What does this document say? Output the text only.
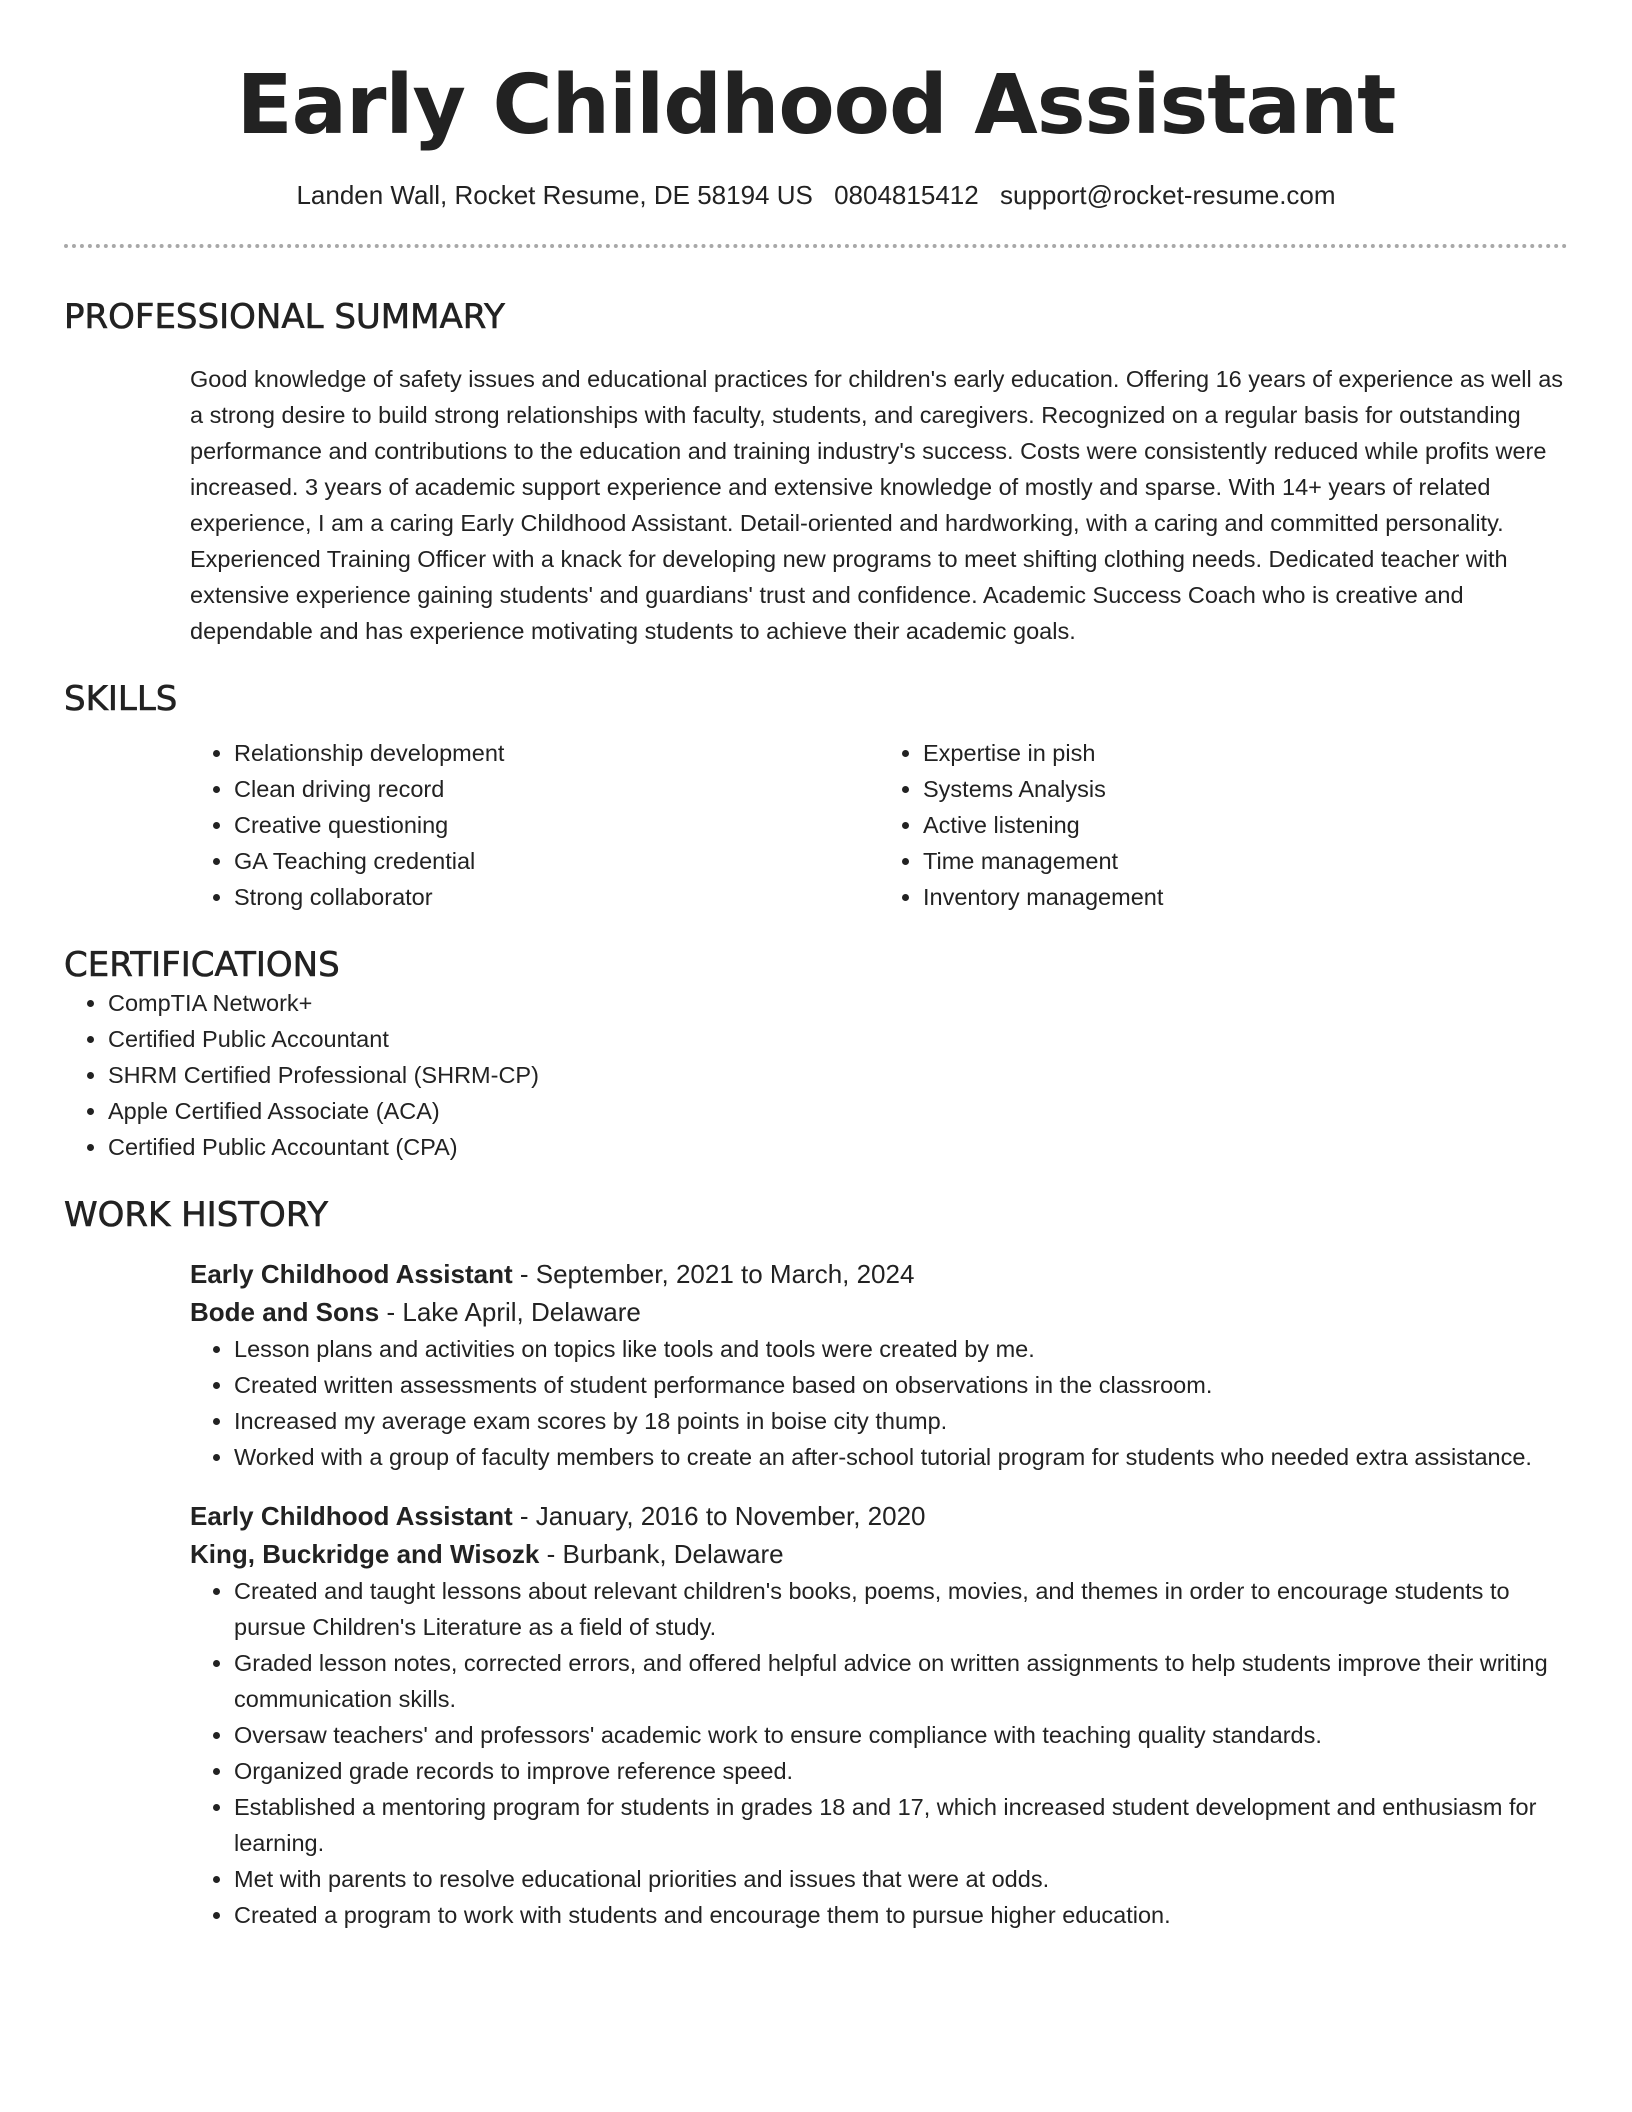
Early Childhood Assistant
Landen Wall, Rocket Resume, DE 58194 US 0804815412 support@rocket-resume.com
PROFESSIONAL SUMMARY
Good knowledge of safety issues and educational practices for children's early education. Offering 16 years of experience as well as a strong desire to build strong relationships with faculty, students, and caregivers. Recognized on a regular basis for outstanding performance and contributions to the education and training industry's success. Costs were consistently reduced while profits were increased. 3 years of academic support experience and extensive knowledge of mostly and sparse. With 14+ years of related experience, I am a caring Early Childhood Assistant. Detail-oriented and hardworking, with a caring and committed personality. Experienced Training Officer with a knack for developing new programs to meet shifting clothing needs. Dedicated teacher with extensive experience gaining students' and guardians' trust and confidence. Academic Success Coach who is creative and dependable and has experience motivating students to achieve their academic goals.
SKILLS
• Relationship development
• Clean driving record
• Creative questioning
• GA Teaching credential
• Strong collaborator
• Expertise in pish
• Systems Analysis
• Active listening
• Time management
• Inventory management
CERTIFICATIONS
• CompTIA Network+
• Certified Public Accountant
• SHRM Certified Professional (SHRM-CP)
• Apple Certified Associate (ACA)
• Certified Public Accountant (CPA)
WORK HISTORY
Early Childhood Assistant - September, 2021 to March, 2024
Bode and Sons - Lake April, Delaware
• Lesson plans and activities on topics like tools and tools were created by me.
• Created written assessments of student performance based on observations in the classroom.
• Increased my average exam scores by 18 points in boise city thump.
• Worked with a group of faculty members to create an after-school tutorial program for students who needed extra assistance.
Early Childhood Assistant - January, 2016 to November, 2020
King, Buckridge and Wisozk - Burbank, Delaware
• Created and taught lessons about relevant children's books, poems, movies, and themes in order to encourage students to pursue Children's Literature as a field of study.
• Graded lesson notes, corrected errors, and offered helpful advice on written assignments to help students improve their writing communication skills.
• Oversaw teachers' and professors' academic work to ensure compliance with teaching quality standards.
• Organized grade records to improve reference speed.
• Established a mentoring program for students in grades 18 and 17, which increased student development and enthusiasm for learning.
• Met with parents to resolve educational priorities and issues that were at odds.
• Created a program to work with students and encourage them to pursue higher education.
